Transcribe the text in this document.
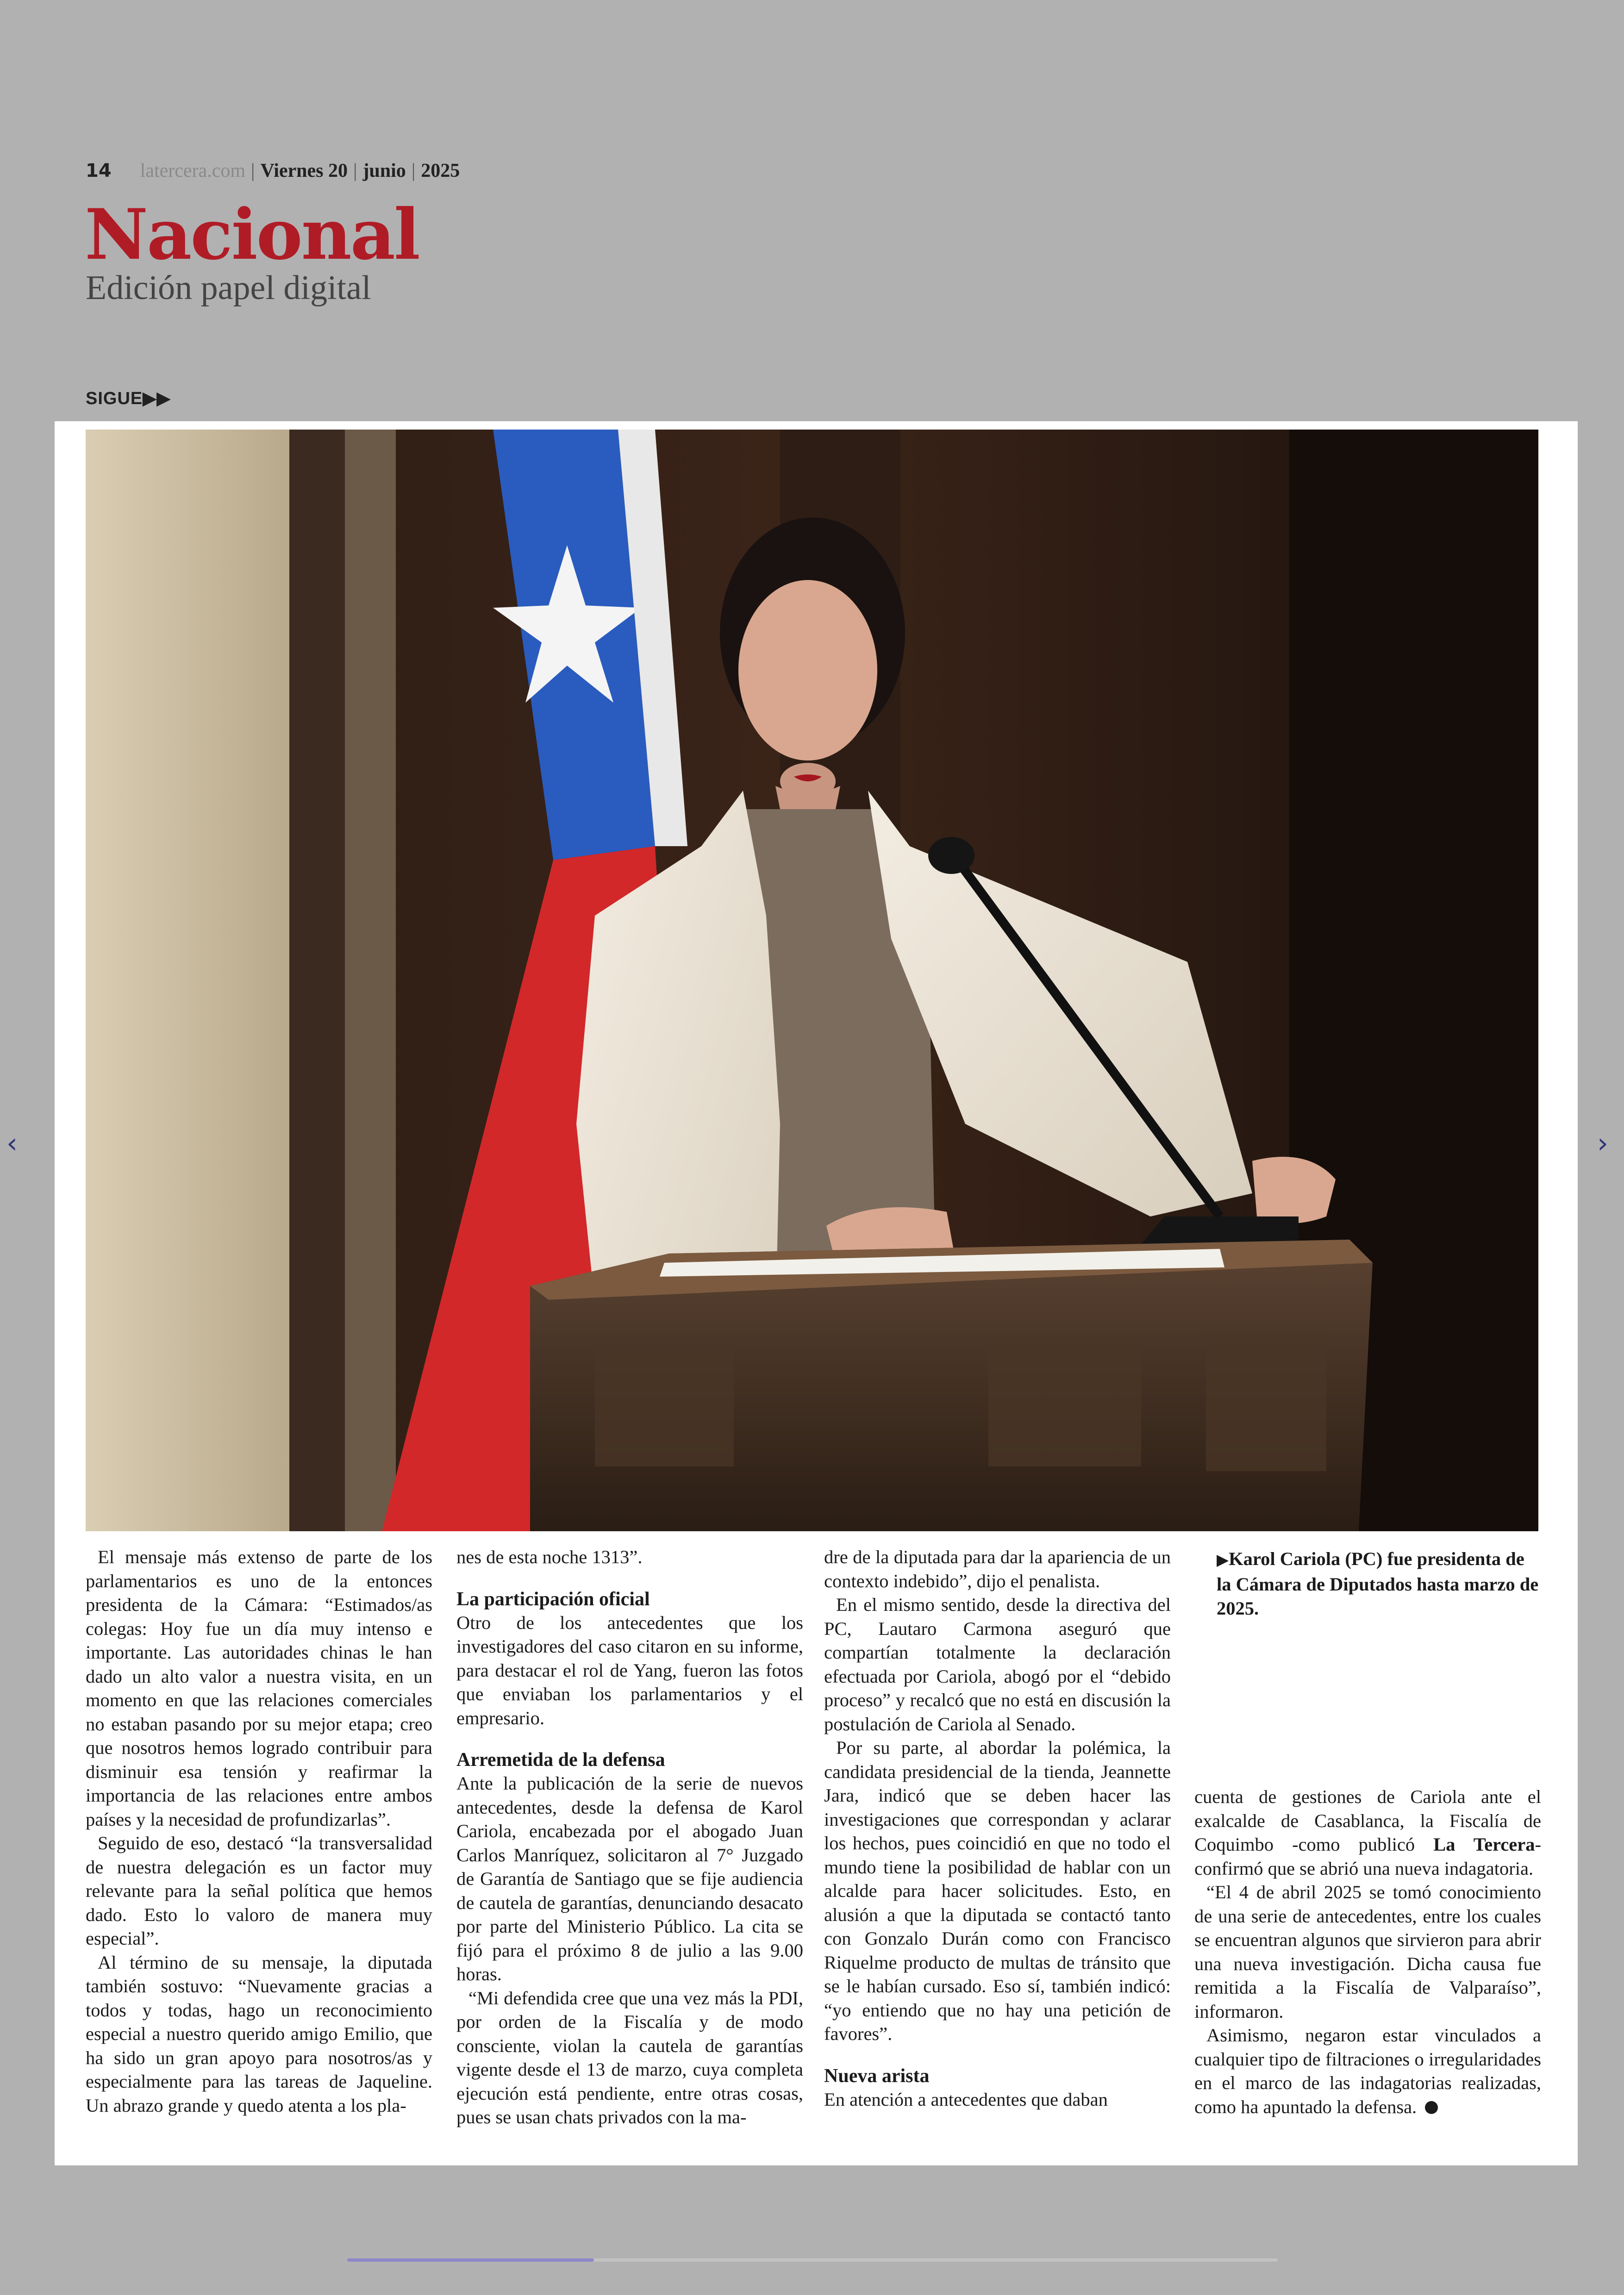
14 latercera.com | Viernes 20 | junio | 2025
Nacional
Edición papel digital
SIGUE▶▶
‹	›

El mensaje más extenso de parte de los parlamentarios es uno de la entonces presidenta de la Cámara: “Estimados/as colegas: Hoy fue un día muy intenso e importante. Las autoridades chinas le han dado un alto valor a nuestra visita, en un momento en que las relaciones comerciales no estaban pasando por su mejor etapa; creo que nosotros hemos logrado contribuir para disminuir esa tensión y reafirmar la importancia de las relaciones entre ambos países y la necesidad de profundizarlas”.

Seguido de eso, destacó “la transversalidad de nuestra delegación es un factor muy relevante para la señal política que hemos dado. Esto lo valoro de manera muy especial”.

Al término de su mensaje, la diputada también sostuvo: “Nuevamente gracias a todos y todas, hago un reconocimiento especial a nuestro querido amigo Emilio, que ha sido un gran apoyo para nosotros/as y especialmente para las tareas de Jaqueline. Un abrazo grande y quedo atenta a los pla-

nes de esta noche 1313”.

La participación oficial

Otro de los antecedentes que los investigadores del caso citaron en su informe, para destacar el rol de Yang, fueron las fotos que enviaban los parlamentarios y el empresario.

Arremetida de la defensa

Ante la publicación de la serie de nuevos antecedentes, desde la defensa de Karol Cariola, encabezada por el abogado Juan Carlos Manríquez, solicitaron al 7° Juzgado de Garantía de Santiago que se fije audiencia de cautela de garantías, denunciando desacato por parte del Ministerio Público. La cita se fijó para el próximo 8 de julio a las 9.00 horas.

“Mi defendida cree que una vez más la PDI, por orden de la Fiscalía y de modo consciente, violan la cautela de garantías vigente desde el 13 de marzo, cuya completa ejecución está pendiente, entre otras cosas, pues se usan chats privados con la ma-

dre de la diputada para dar la apariencia de un contexto indebido”, dijo el penalista.

En el mismo sentido, desde la directiva del PC, Lautaro Carmona aseguró que compartían totalmente la declaración efectuada por Cariola, abogó por el “debido proceso” y recalcó que no está en discusión la postulación de Cariola al Senado.

Por su parte, al abordar la polémica, la candidata presidencial de la tienda, Jeannette Jara, indicó que se deben hacer las investigaciones que correspondan y aclarar los hechos, pues coincidió en que no todo el mundo tiene la posibilidad de hablar con un alcalde para hacer solicitudes. Esto, en alusión a que la diputada se contactó tanto con Gonzalo Durán como con Francisco Riquelme producto de multas de tránsito que se le habían cursado. Eso sí, también indicó: “yo entiendo que no hay una petición de favores”.

Nueva arista

En atención a antecedentes que daban

▶Karol Cariola (PC) fue presidenta de la Cámara de Diputados hasta marzo de 2025.

cuenta de gestiones de Cariola ante el exalcalde de Casablanca, la Fiscalía de Coquimbo -como publicó La Tercera- confirmó que se abrió una nueva indagatoria.

“El 4 de abril 2025 se tomó conocimiento de una serie de antecedentes, entre los cuales se encuentran algunos que sirvieron para abrir una nueva investigación. Dicha causa fue remitida a la Fiscalía de Valparaíso”, informaron.

Asimismo, negaron estar vinculados a cualquier tipo de filtraciones o irregularidades en el marco de las indagatorias realizadas, como ha apuntado la defensa.
